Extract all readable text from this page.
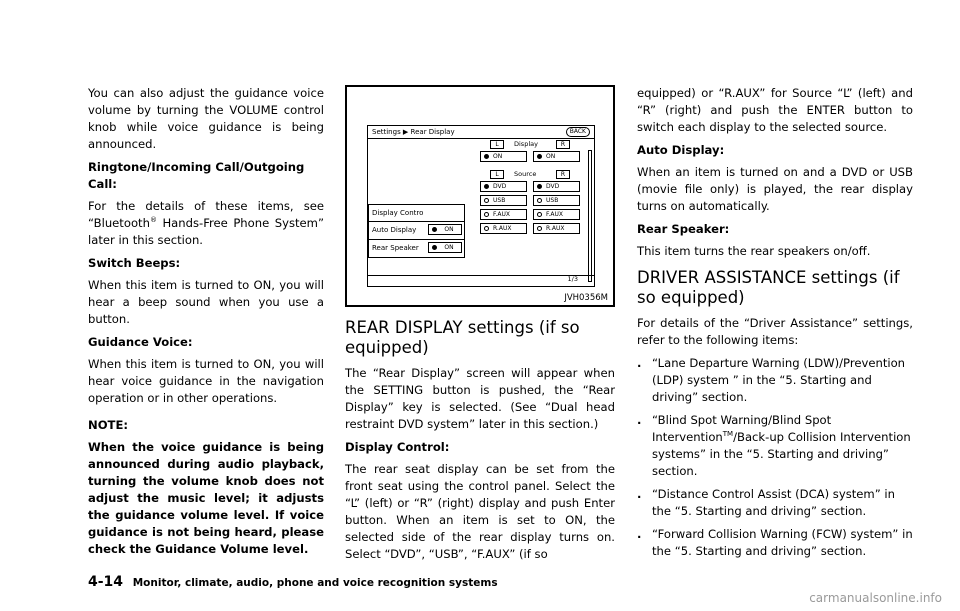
You can also adjust the guidance voice volume by turning the VOLUME control knob while voice guidance is being announced.

Ringtone/Incoming Call/Outgoing Call:

For the details of these items, see “Bluetooth® Hands-Free Phone System” later in this section.

Switch Beeps:

When this item is turned to ON, you will hear a beep sound when you use a button.

Guidance Voice:

When this item is turned to ON, you will hear voice guidance in the navigation operation or in other operations.

NOTE:

When the voice guidance is being announced during audio playback, turning the volume knob does not adjust the music level; it adjusts the guidance volume level. If voice guidance is not being heard, please check the Guidance Volume level.

Settings ▶ Rear Display	BACK
L	Display	R
ON	ON
L	Source	R
DVD	DVD
USB	USB
F.AUX	F.AUX
R.AUX	R.AUX
Display Contro
Auto Display	ON
Rear Speaker	ON
1/3
JVH0356M
REAR DISPLAY settings (if so equipped)

The “Rear Display” screen will appear when the SETTING button is pushed, the “Rear Display” key is selected. (See “Dual head restraint DVD system” later in this section.)

Display Control:

The rear seat display can be set from the front seat using the control panel. Select the “L” (left) or “R” (right) display and push Enter button. When an item is set to ON, the selected side of the rear display turns on. Select “DVD”, “USB”, “F.AUX” (if so

equipped) or “R.AUX” for Source “L” (left) and “R” (right) and push the ENTER button to switch each display to the selected source.

Auto Display:

When an item is turned on and a DVD or USB (movie file only) is played, the rear display turns on automatically.

Rear Speaker:

This item turns the rear speakers on/off.

DRIVER ASSISTANCE settings (if so equipped)

For details of the “Driver Assistance” settings, refer to the following items:

. “Lane Departure Warning (LDW)/Prevention (LDP) system ” in the “5. Starting and driving” section.
. “Blind Spot Warning/Blind Spot Intervention™/Back-up Collision Intervention systems” in the “5. Starting and driving” section.
. “Distance Control Assist (DCA) system” in the “5. Starting and driving” section.
. “Forward Collision Warning (FCW) system” in the “5. Starting and driving” section.
4-14 Monitor, climate, audio, phone and voice recognition systems
carmanualsonline.info
